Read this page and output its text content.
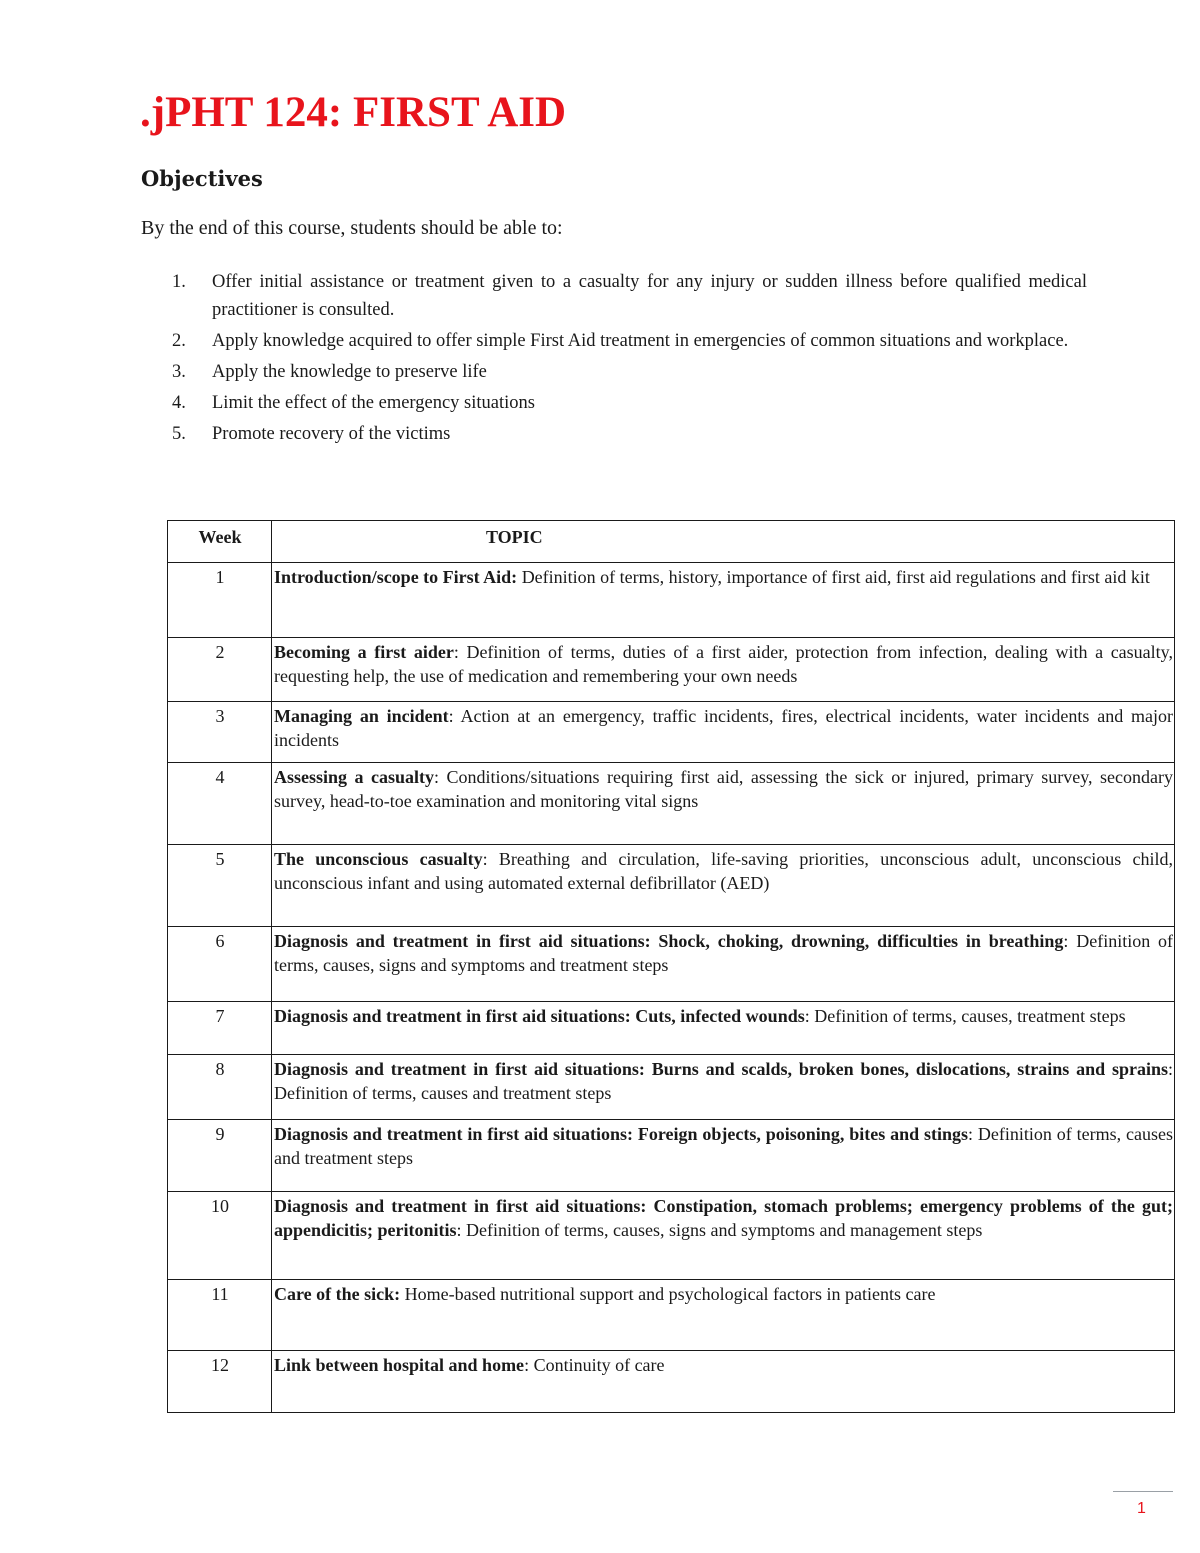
.jPHT 124: FIRST AID
Objectives
By the end of this course, students should be able to:
1. Offer initial assistance or treatment given to a casualty for any injury or sudden illness before qualified medical practitioner is consulted.
2. Apply knowledge acquired to offer simple First Aid treatment in emergencies of common situations and workplace.
3. Apply the knowledge to preserve life
4. Limit the effect of the emergency situations
5. Promote recovery of the victims
Week	TOPIC
1	Introduction/scope to First Aid: Definition of terms, history, importance of first aid, first aid regulations and first aid kit
2	Becoming a first aider: Definition of terms, duties of a first aider, protection from infection, dealing with a casualty, requesting help, the use of medication and remembering your own needs
3	Managing an incident: Action at an emergency, traffic incidents, fires, electrical incidents, water incidents and major incidents
4	Assessing a casualty: Conditions/situations requiring first aid, assessing the sick or injured, primary survey, secondary survey, head-to-toe examination and monitoring vital signs
5	The unconscious casualty: Breathing and circulation, life-saving priorities, unconscious adult, unconscious child, unconscious infant and using automated external defibrillator (AED)
6	Diagnosis and treatment in first aid situations: Shock, choking, drowning, difficulties in breathing: Definition of terms, causes, signs and symptoms and treatment steps
7	Diagnosis and treatment in first aid situations: Cuts, infected wounds: Definition of terms, causes, treatment steps
8	Diagnosis and treatment in first aid situations: Burns and scalds, broken bones, dislocations, strains and sprains: Definition of terms, causes and treatment steps
9	Diagnosis and treatment in first aid situations: Foreign objects, poisoning, bites and stings: Definition of terms, causes and treatment steps
10	Diagnosis and treatment in first aid situations: Constipation, stomach problems; emergency problems of the gut; appendicitis; peritonitis: Definition of terms, causes, signs and symptoms and management steps
11	Care of the sick: Home-based nutritional support and psychological factors in patients care
12	Link between hospital and home: Continuity of care
1
